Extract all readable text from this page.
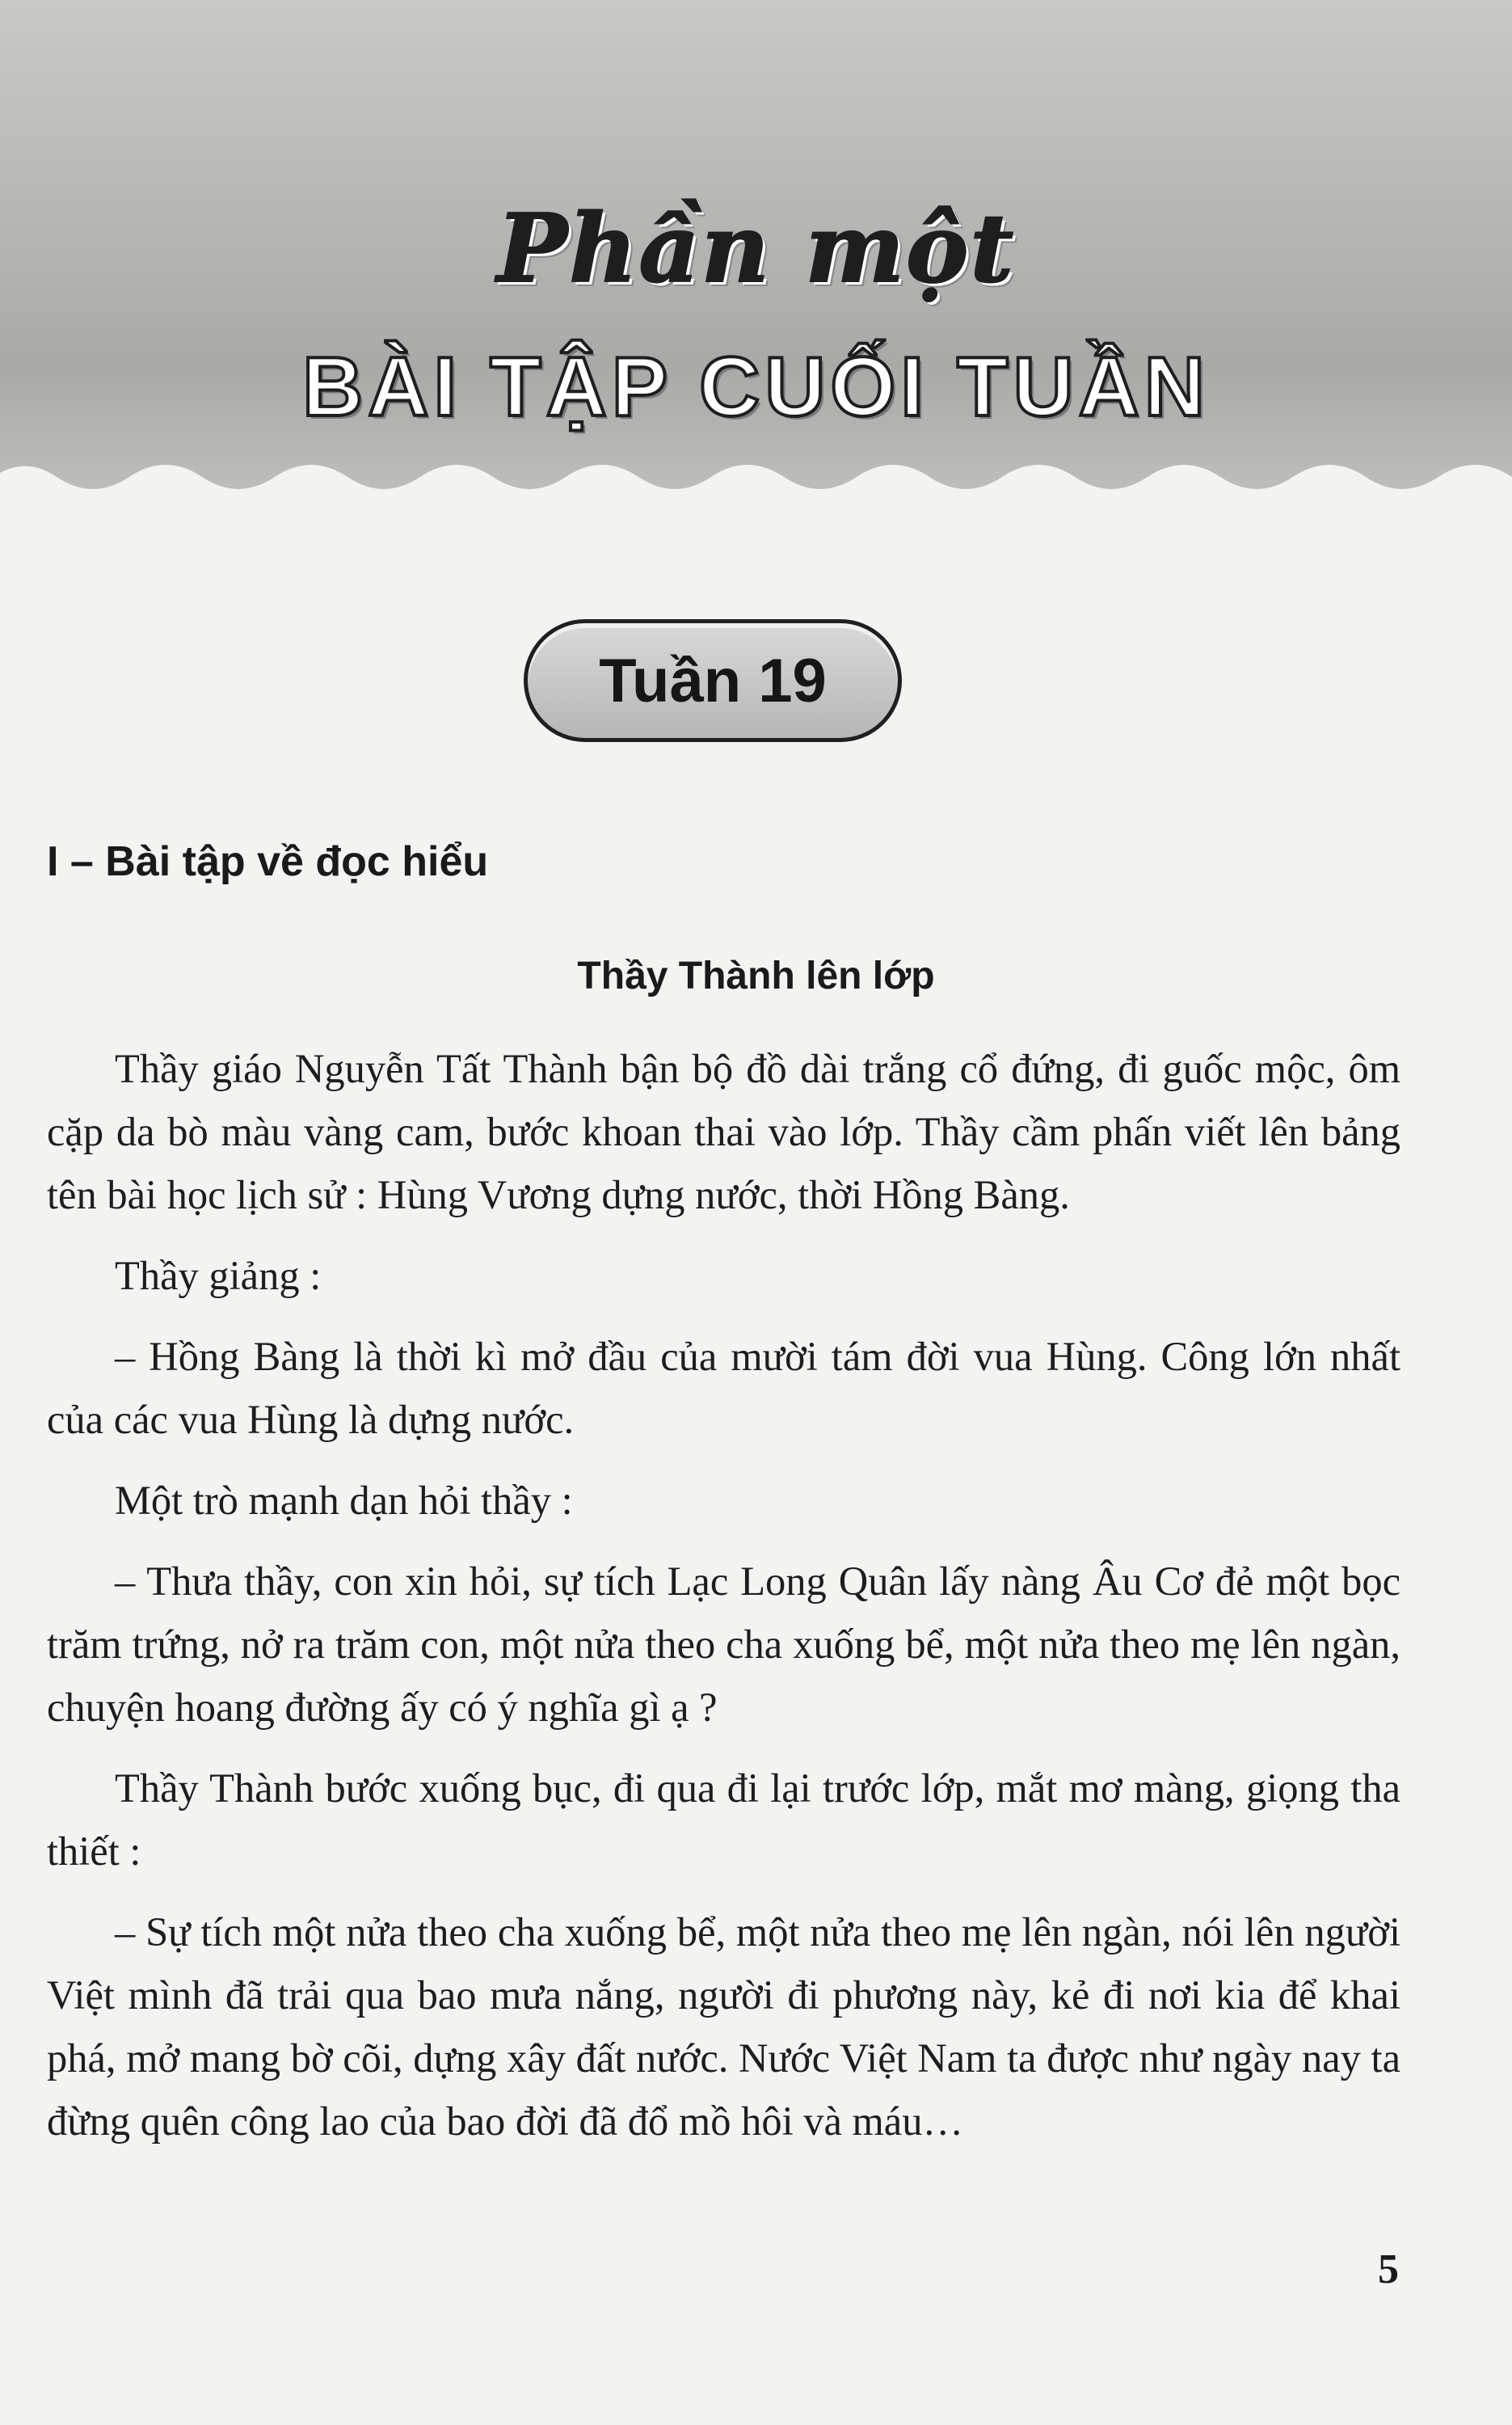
Phần một
BÀI TẬP CUỐI TUẦN
Tuần 19
I – Bài tập về đọc hiểu
Thầy Thành lên lớp

Thầy giáo Nguyễn Tất Thành bận bộ đồ dài trắng cổ đứng, đi guốc mộc, ôm cặp da bò màu vàng cam, bước khoan thai vào lớp. Thầy cầm phấn viết lên bảng tên bài học lịch sử : Hùng Vương dựng nước, thời Hồng Bàng.

Thầy giảng :

– Hồng Bàng là thời kì mở đầu của mười tám đời vua Hùng. Công lớn nhất của các vua Hùng là dựng nước.

Một trò mạnh dạn hỏi thầy :

– Thưa thầy, con xin hỏi, sự tích Lạc Long Quân lấy nàng Âu Cơ đẻ một bọc trăm trứng, nở ra trăm con, một nửa theo cha xuống bể, một nửa theo mẹ lên ngàn, chuyện hoang đường ấy có ý nghĩa gì ạ ?

Thầy Thành bước xuống bục, đi qua đi lại trước lớp, mắt mơ màng, giọng tha thiết :

– Sự tích một nửa theo cha xuống bể, một nửa theo mẹ lên ngàn, nói lên người Việt mình đã trải qua bao mưa nắng, người đi phương này, kẻ đi nơi kia để khai phá, mở mang bờ cõi, dựng xây đất nước. Nước Việt Nam ta được như ngày nay ta đừng quên công lao của bao đời đã đổ mồ hôi và máu…

5
